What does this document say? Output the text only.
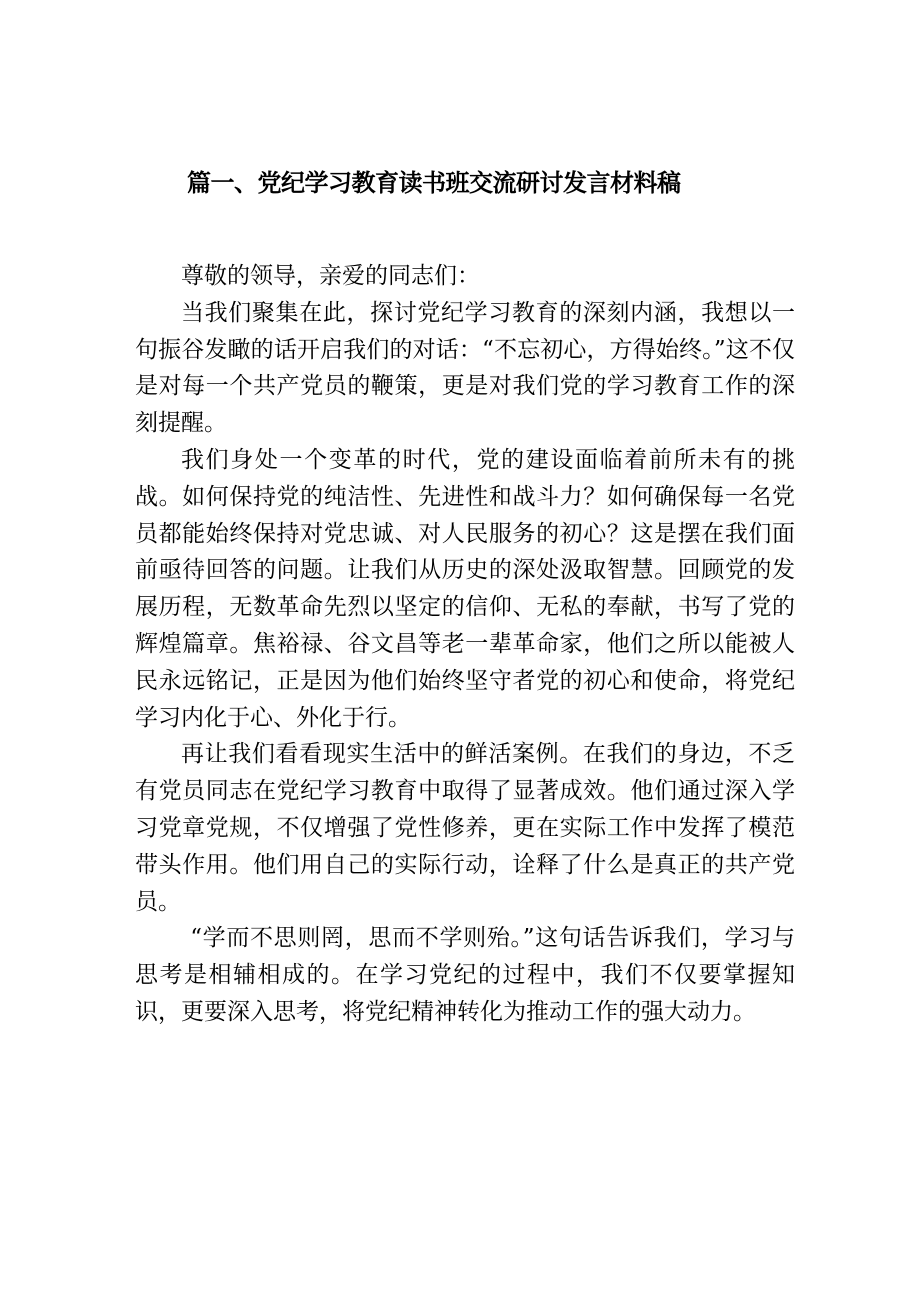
篇一、党纪学习教育读书班交流研讨发言材料稿

尊敬的领导，亲爱的同志们：

当我们聚集在此，探讨党纪学习教育的深刻内涵，我想以一句振谷发瞰的话开启我们的对话：“不忘初心，方得始终。”这不仅是对每一个共产党员的鞭策，更是对我们党的学习教育工作的深刻提醒。

我们身处一个变革的时代，党的建设面临着前所未有的挑战。如何保持党的纯洁性、先进性和战斗力？如何确保每一名党员都能始终保持对党忠诚、对人民服务的初心？这是摆在我们面前亟待回答的问题。让我们从历史的深处汲取智慧。回顾党的发展历程，无数革命先烈以坚定的信仰、无私的奉献，书写了党的辉煌篇章。焦裕禄、谷文昌等老一辈革命家，他们之所以能被人民永远铭记，正是因为他们始终坚守者党的初心和使命，将党纪学习内化于心、外化于行。

再让我们看看现实生活中的鲜活案例。在我们的身边，不乏有党员同志在党纪学习教育中取得了显著成效。他们通过深入学习党章党规，不仅增强了党性修养，更在实际工作中发挥了模范带头作用。他们用自己的实际行动，诠释了什么是真正的共产党员。

“学而不思则罔，思而不学则殆。”这句话告诉我们，学习与思考是相辅相成的。在学习党纪的过程中，我们不仅要掌握知识，更要深入思考，将党纪精神转化为推动工作的强大动力。
